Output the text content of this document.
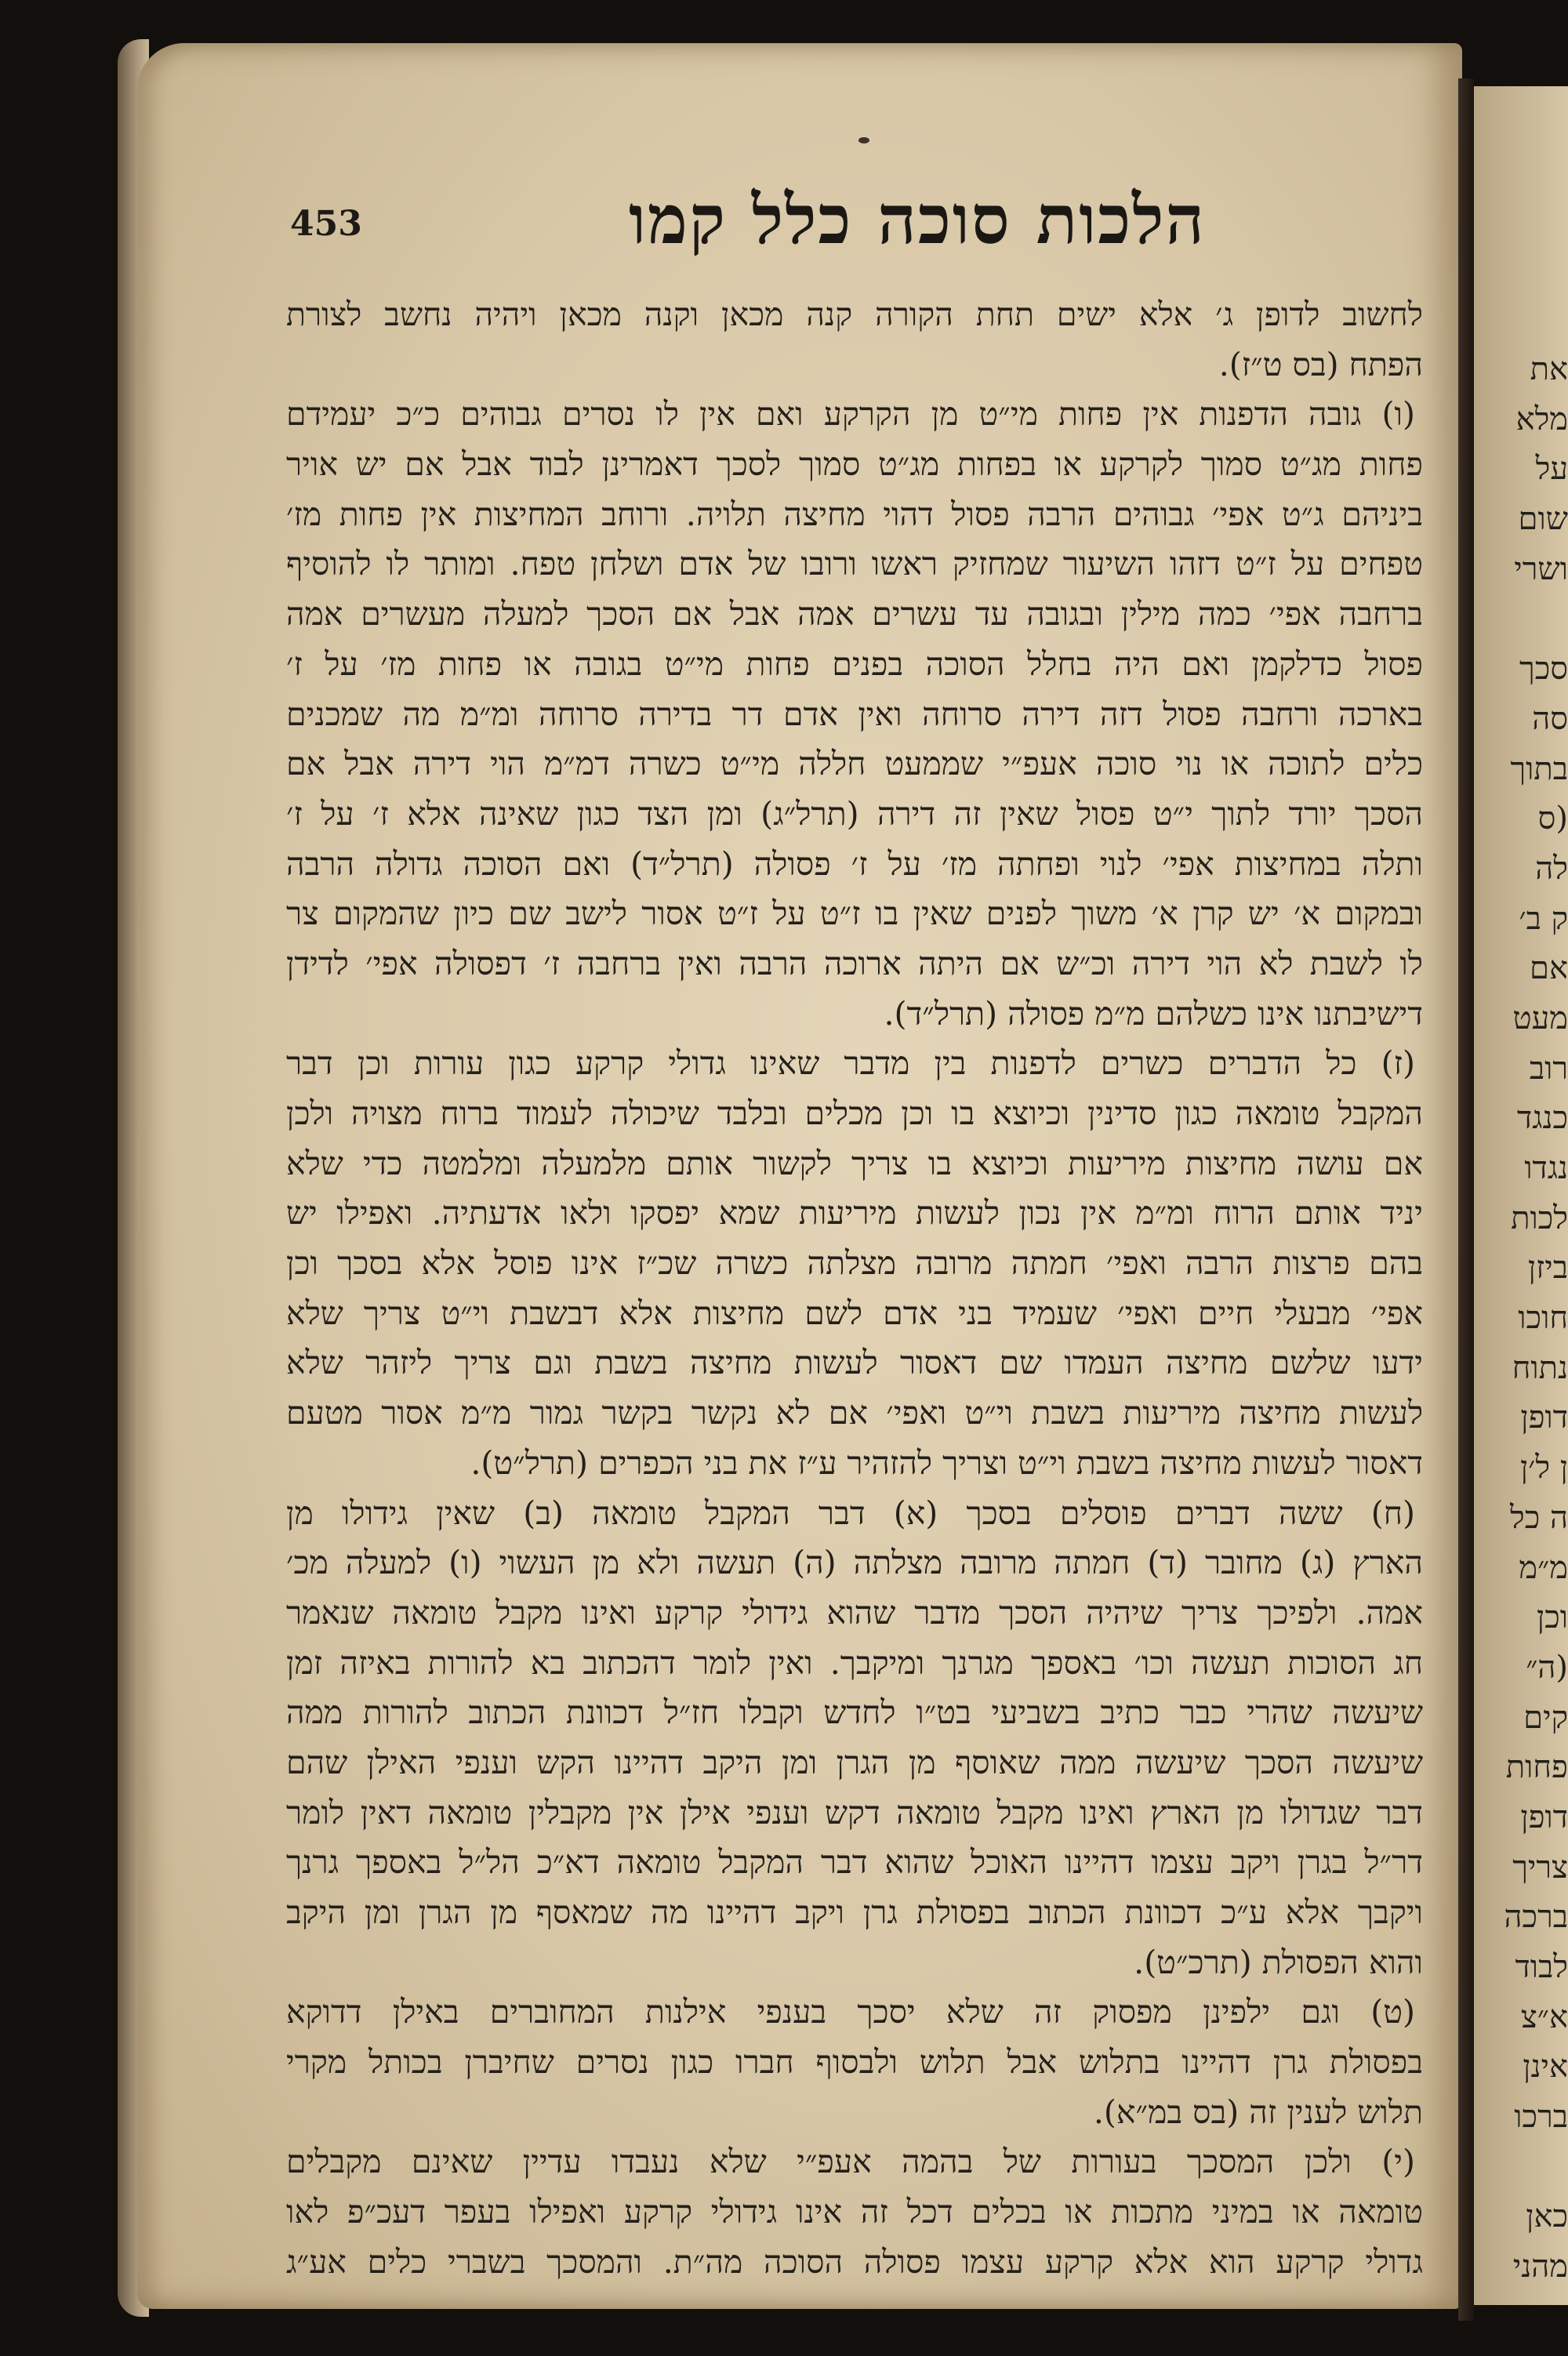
453	הלכות סוכה כלל קמו
לחשוב לדופן ג׳ אלא ישים תחת הקורה קנה מכאן וקנה מכאן ויהיה נחשב לצורת
הפתח (בס ט״ז).
(ו) גובה הדפנות אין פחות מי״ט מן הקרקע ואם אין לו נסרים גבוהים כ״כ יעמידם
פחות מג״ט סמוך לקרקע או בפחות מג״ט סמוך לסכך דאמרינן לבוד אבל אם יש אויר
ביניהם ג״ט אפי׳ גבוהים הרבה פסול דהוי מחיצה תלויה. ורוחב המחיצות אין פחות מז׳
טפחים על ז״ט דזהו השיעור שמחזיק ראשו ורובו של אדם ושלחן טפח. ומותר לו להוסיף
ברחבה אפי׳ כמה מילין ובגובה עד עשרים אמה אבל אם הסכך למעלה מעשרים אמה
פסול כדלקמן ואם היה בחלל הסוכה בפנים פחות מי״ט בגובה או פחות מז׳ על ז׳
בארכה ורחבה פסול דזה דירה סרוחה ואין אדם דר בדירה סרוחה ומ״מ מה שמכנים
כלים לתוכה או נוי סוכה אעפ״י שממעט חללה מי״ט כשרה דמ״מ הוי דירה אבל אם
הסכך יורד לתוך י״ט פסול שאין זה דירה (תרל״ג) ומן הצד כגון שאינה אלא ז׳ על ז׳
ותלה במחיצות אפי׳ לנוי ופחתה מז׳ על ז׳ פסולה (תרל״ד) ואם הסוכה גדולה הרבה
ובמקום א׳ יש קרן א׳ משוך לפנים שאין בו ז״ט על ז״ט אסור לישב שם כיון שהמקום צר
לו לשבת לא הוי דירה וכ״ש אם היתה ארוכה הרבה ואין ברחבה ז׳ דפסולה אפי׳ לדידן
דישיבתנו אינו כשלהם מ״מ פסולה (תרל״ד).
(ז) כל הדברים כשרים לדפנות בין מדבר שאינו גדולי קרקע כגון עורות וכן דבר
המקבל טומאה כגון סדינין וכיוצא בו וכן מכלים ובלבד שיכולה לעמוד ברוח מצויה ולכן
אם עושה מחיצות מיריעות וכיוצא בו צריך לקשור אותם מלמעלה ומלמטה כדי שלא
יניד אותם הרוח ומ״מ אין נכון לעשות מיריעות שמא יפסקו ולאו אדעתיה. ואפילו יש
בהם פרצות הרבה ואפי׳ חמתה מרובה מצלתה כשרה שכ״ז אינו פוסל אלא בסכך וכן
אפי׳ מבעלי חיים ואפי׳ שעמיד בני אדם לשם מחיצות אלא דבשבת וי״ט צריך שלא
ידעו שלשם מחיצה העמדו שם דאסור לעשות מחיצה בשבת וגם צריך ליזהר שלא
לעשות מחיצה מיריעות בשבת וי״ט ואפי׳ אם לא נקשר בקשר גמור מ״מ אסור מטעם
דאסור לעשות מחיצה בשבת וי״ט וצריך להזהיר ע״ז את בני הכפרים (תרל״ט).
(ח) ששה דברים פוסלים בסכך (א) דבר המקבל טומאה (ב) שאין גידולו מן
הארץ (ג) מחובר (ד) חמתה מרובה מצלתה (ה) תעשה ולא מן העשוי (ו) למעלה מכ׳
אמה. ולפיכך צריך שיהיה הסכך מדבר שהוא גידולי קרקע ואינו מקבל טומאה שנאמר
חג הסוכות תעשה וכו׳ באספך מגרנך ומיקבך. ואין לומר דהכתוב בא להורות באיזה זמן
שיעשה שהרי כבר כתיב בשביעי בט״ו לחדש וקבלו חז״ל דכוונת הכתוב להורות ממה
שיעשה הסכך שיעשה ממה שאוסף מן הגרן ומן היקב דהיינו הקש וענפי האילן שהם
דבר שגדולו מן הארץ ואינו מקבל טומאה דקש וענפי אילן אין מקבלין טומאה דאין לומר
דר״ל בגרן ויקב עצמו דהיינו האוכל שהוא דבר המקבל טומאה דא״כ הל״ל באספך גרנך
ויקבך אלא ע״כ דכוונת הכתוב בפסולת גרן ויקב דהיינו מה שמאסף מן הגרן ומן היקב
והוא הפסולת (תרכ״ט).
(ט) וגם ילפינן מפסוק זה שלא יסכך בענפי אילנות המחוברים באילן דדוקא
בפסולת גרן דהיינו בתלוש אבל תלוש ולבסוף חברו כגון נסרים שחיברן בכותל מקרי
תלוש לענין זה (בס במ״א).
(י) ולכן המסכך בעורות של בהמה אעפ״י שלא נעבדו עדיין שאינם מקבלים
טומאה או במיני מתכות או בכלים דכל זה אינו גידולי קרקע ואפילו בעפר דעכ״פ לאו
גדולי קרקע הוא אלא קרקע עצמו פסולה הסוכה מה״ת. והמסכך בשברי כלים אע״ג
את
מלא
על
שום
ושרי
סכך
סה
בתוך
(ס
לה
ק ב׳
אם
מעט
רוב
כנגד
נגדו
לכות
ביזן
חוכו
נתוח
דופן
ן ל׳ן
ה כל
מ״מ
וכן
(ה״
קים
פחות
דופן
צריך
ברכה
לבוד
א״צ
אינן
ברכו
כאן
מהני
